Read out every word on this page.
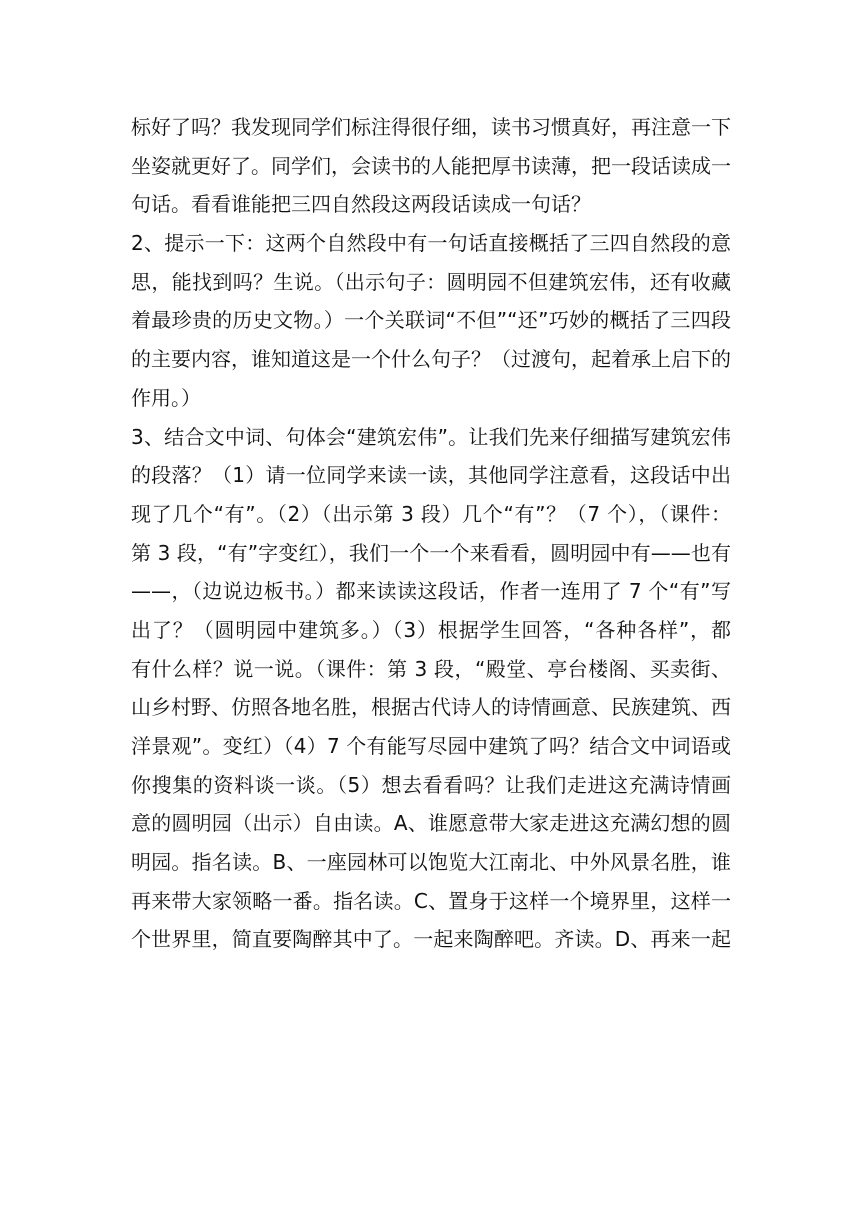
标好了吗？我发现同学们标注得很仔细，读书习惯真好，再注意一下
坐姿就更好了。同学们，会读书的人能把厚书读薄，把一段话读成一
句话。看看谁能把三四自然段这两段话读成一句话？
2、提示一下：这两个自然段中有一句话直接概括了三四自然段的意
思，能找到吗？生说。（出示句子：圆明园不但建筑宏伟，还有收藏
着最珍贵的历史文物。）一个关联词“不但”“还”巧妙的概括了三四段
的主要内容，谁知道这是一个什么句子？（过渡句，起着承上启下的
作用。）
3、结合文中词、句体会“建筑宏伟”。让我们先来仔细描写建筑宏伟
的段落？（1）请一位同学来读一读，其他同学注意看，这段话中出
现了几个“有”。（2）（出示第 3 段）几个“有”？（7 个），（课件：
第 3 段，“有”字变红），我们一个一个来看看，圆明园中有——也有
——，（边说边板书。）都来读读这段话，作者一连用了 7 个“有”写
出了？（圆明园中建筑多。）（3）根据学生回答，“各种各样”，都
有什么样？说一说。（课件：第 3 段，“殿堂、亭台楼阁、买卖街、
山乡村野、仿照各地名胜，根据古代诗人的诗情画意、民族建筑、西
洋景观”。变红）（4）7 个有能写尽园中建筑了吗？结合文中词语或
你搜集的资料谈一谈。（5）想去看看吗？让我们走进这充满诗情画
意的圆明园（出示）自由读。A、谁愿意带大家走进这充满幻想的圆
明园。指名读。B、一座园林可以饱览大江南北、中外风景名胜，谁
再来带大家领略一番。指名读。C、置身于这样一个境界里，这样一
个世界里，简直要陶醉其中了。一起来陶醉吧。齐读。D、再来一起
